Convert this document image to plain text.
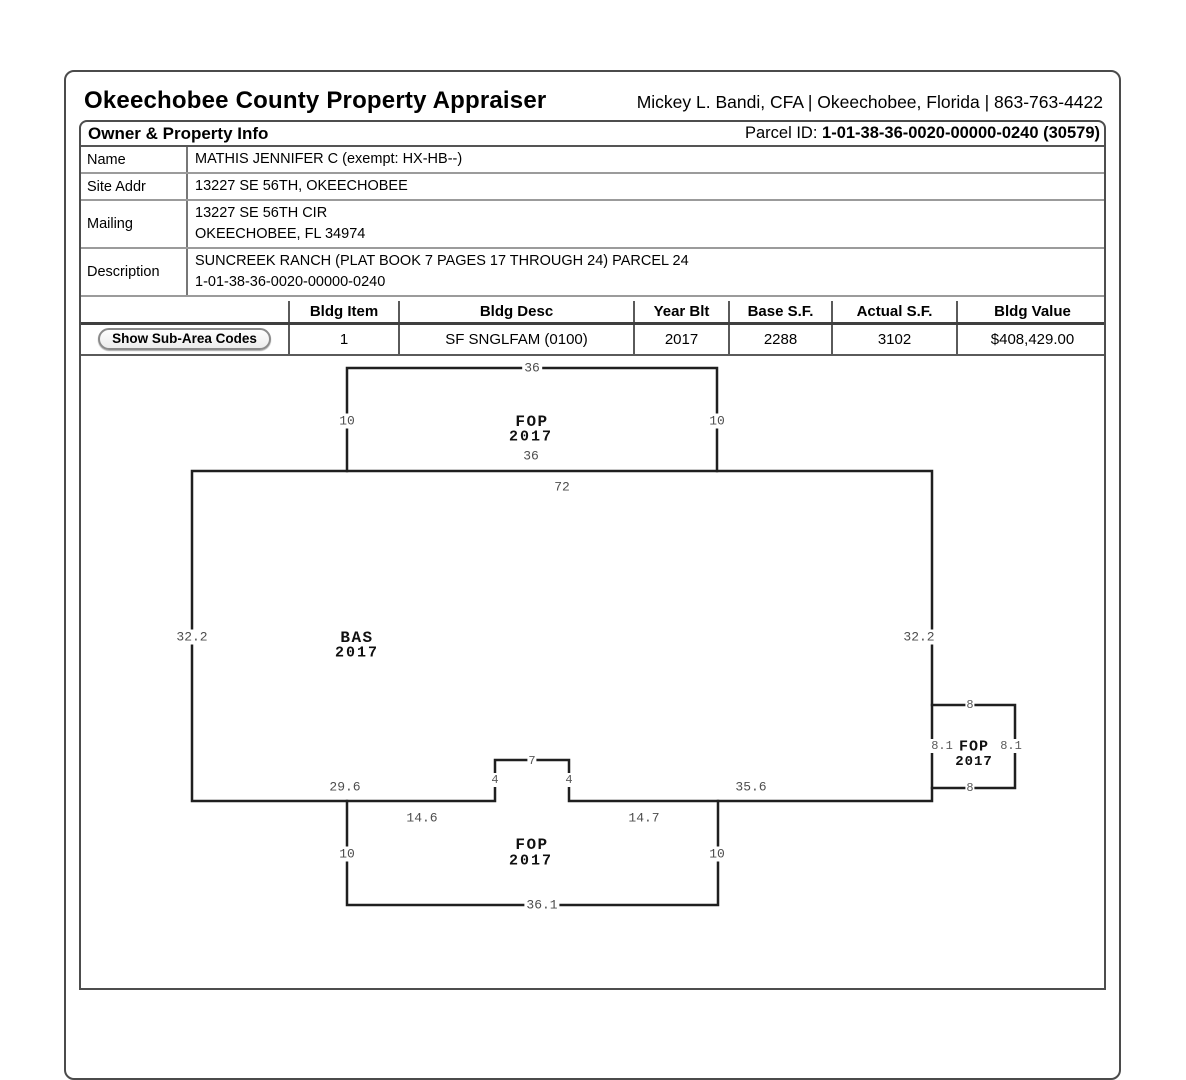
Okeechobee County Property Appraiser	Mickey L. Bandi, CFA | Okeechobee, Florida | 863-763-4422
Owner & Property Info	Parcel ID: 1-01-38-36-0020-00000-0240 (30579)
Name	MATHIS JENNIFER C (exempt: HX-HB--)
Site Addr	13227 SE 56TH, OKEECHOBEE
Mailing	13227 SE 56TH CIR
OKEECHOBEE, FL 34974

Description	SUNCREEK RANCH (PLAT BOOK 7 PAGES 17 THROUGH 24) PARCEL 24
1-01-38-36-0020-00000-0240
	Bldg Item	Bldg Desc	Year Blt	Base S.F.	Actual S.F.	Bldg Value
Show Sub-Area Codes	1	SF SNGLFAM (0100)	2017	2288	3102	$408,429.00
36
10	10
FOP
2017
36
72
32.2	32.2
BAS
2017
8
8
8.1	8.1
FOP
2017
7
4	4
29.6	35.6
14.6	14.7
10	10
FOP
2017
36.1
